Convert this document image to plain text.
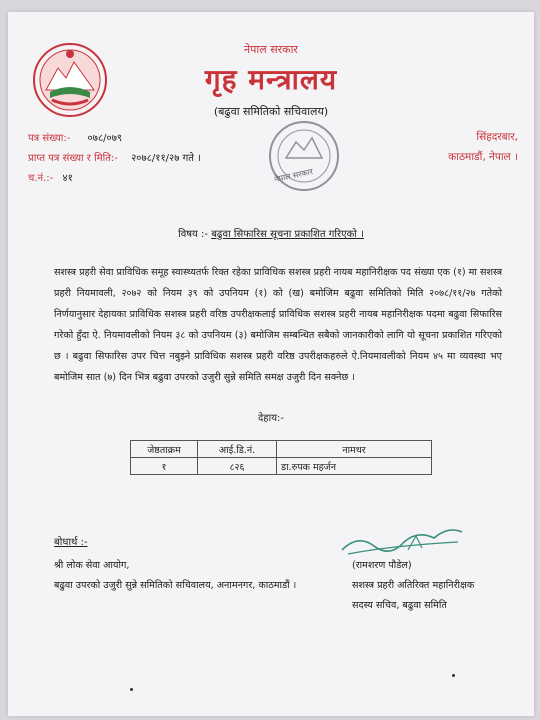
नेपाल सरकार
गृह मन्त्रालय
(बढुवा समितिको सचिवालय)
नेपाल सरकार
पत्र संख्या:- ०७८/०७९
प्राप्त पत्र संख्या र मिति:- २०७८/११/२७ गते ।
च.नं.:- ४१
सिंहदरबार,
काठमाडौं, नेपाल ।
विषय :- बढुवा सिफारिस सूचना प्रकाशित गरिएको ।
सशस्त्र प्रहरी सेवा प्राविधिक समूह स्वास्थ्यतर्फ रिक्त रहेका प्राविधिक सशस्त्र प्रहरी नायब महानिरीक्षक पद संख्या एक (१) मा सशस्त्र प्रहरी नियमावली, २०७२ को नियम ३९ को उपनियम (१) को (ख) बमोजिम बढुवा समितिको मिति २०७८/११/२७ गतेको निर्णयानुसार देहायका प्राविधिक सशस्त्र प्रहरी वरिष्ठ उपरीक्षकलाई प्राविधिक सशस्त्र प्रहरी नायब महानिरीक्षक पदमा बढुवा सिफारिस गरेको हुँदा ऐ. नियमावलीको नियम ३८ को उपनियम (३) बमोजिम सम्बन्धित सबैको जानकारीको लागि यो सूचना प्रकाशित गरिएको छ । बढुवा सिफारिस उपर चित्त नबुझ्ने प्राविधिक सशस्त्र प्रहरी वरिष्ठ उपरीक्षकहरुले ऐ.नियमावलीको नियम ४५ मा व्यवस्था भए बमोजिम सात (७) दिन भित्र बढुवा उपरको उजुरी सुन्ने समिति समक्ष उजुरी दिन सक्नेछ ।
देहाय:-
जेष्ठताक्रम	आई.डि.नं.	नामथर
१	८२६	डा.रुपक महर्जन
बोधार्थ :-
श्री लोक सेवा आयोग,
बढुवा उपरको उजुरी सुन्ने समितिको सचिवालय, अनामनगर, काठमाडौं ।
(रामशरण पौडेल)
सशस्त्र प्रहरी अतिरिक्त महानिरीक्षक
सदस्य सचिव, बढुवा समिति
